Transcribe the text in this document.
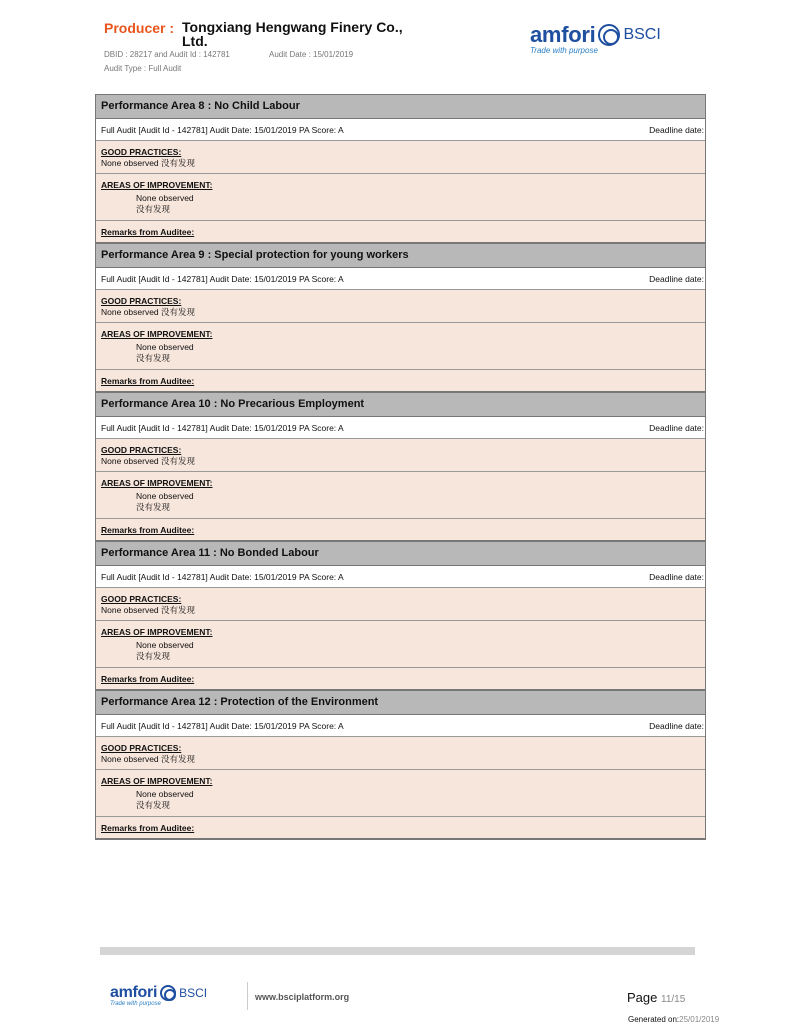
Producer : Tongxiang Hengwang Finery Co., Ltd.
DBID : 28217 and Audit Id : 142781	Audit Date : 15/01/2019
Audit Type : Full Audit
amfori BSCI
Trade with purpose
Performance Area 8 : No Child Labour
Full Audit [Audit Id - 142781] Audit Date: 15/01/2019 PA Score: A	Deadline date:
GOOD PRACTICES:
None observed 没有发现
AREAS OF IMPROVEMENT:
None observed
没有发现
Remarks from Auditee:
Performance Area 9 : Special protection for young workers
Full Audit [Audit Id - 142781] Audit Date: 15/01/2019 PA Score: A	Deadline date:
GOOD PRACTICES:
None observed 没有发现
AREAS OF IMPROVEMENT:
None observed
没有发现
Remarks from Auditee:
Performance Area 10 : No Precarious Employment
Full Audit [Audit Id - 142781] Audit Date: 15/01/2019 PA Score: A	Deadline date:
GOOD PRACTICES:
None observed 没有发现
AREAS OF IMPROVEMENT:
None observed
没有发现
Remarks from Auditee:
Performance Area 11 : No Bonded Labour
Full Audit [Audit Id - 142781] Audit Date: 15/01/2019 PA Score: A	Deadline date:
GOOD PRACTICES:
None observed 没有发现
AREAS OF IMPROVEMENT:
None observed
没有发现
Remarks from Auditee:
Performance Area 12 : Protection of the Environment
Full Audit [Audit Id - 142781] Audit Date: 15/01/2019 PA Score: A	Deadline date:
GOOD PRACTICES:
None observed 没有发现
AREAS OF IMPROVEMENT:
None observed
没有发现
Remarks from Auditee:
amfori BSCI
Trade with purpose
www.bsciplatform.org	Page 11/15
Generated on:25/01/2019
